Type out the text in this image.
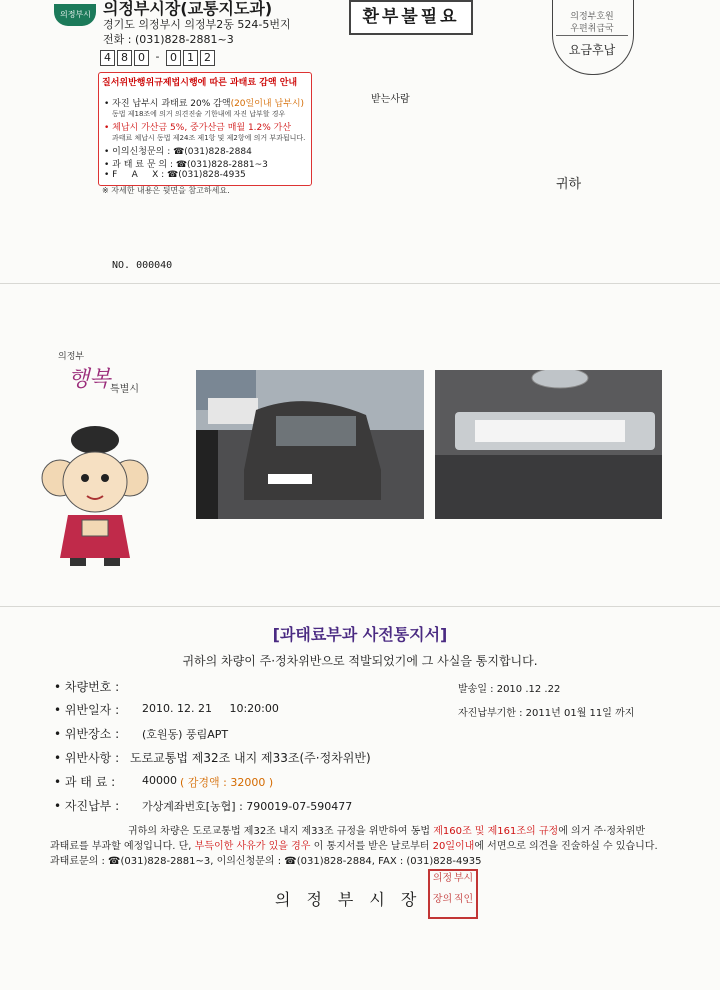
의정부시 의정부시장(교통지도과)
경기도 의정부시 의정부2동 524-5번지
전화 : (031)828-2881~3
4 8 0 - 0 1 2
환부불필요	의정부호원
우편취급국
요금후납
질서위반행위규제법시행에 따른 과태료 감액 안내
• 자진 납부시 과태료 20% 감액(20일이내 납부시)
동법 제18조에 의거 의견진술 기한내에 자진 납부할 경우
• 체납시 가산금 5%, 중가산금 매월 1.2% 가산
과태료 체납시 동법 제24조 제1항 및 제2항에 의거 부과됩니다.
• 이의신청문의 : ☎(031)828-2884
• 과 태 료 문 의 : ☎(031)828-2881~3
• F     A     X : ☎(031)828-4935
※ 자세한 내용은 뒷면을 참고하세요.
받는사람
귀하
NO. 000040
의정부
행복 특별시
[과태료부과 사전통지서]
귀하의 차량이 주·정차위반으로 적발되었기에 그 사실을 통지합니다.
• 차량번호 :	발송일 : 2010 .12 .22
• 위반일자 : 2010. 12. 21     10:20:00	자진납부기한 : 2011년 01월 11일 까지
• 위반장소 : (호원동) 풍림APT
• 위반사항 : 도로교통법 제32조 내지 제33조(주·정차위반)
• 과 태 료 : 40000 ( 감경액 : 32000 )
• 자진납부 : 가상계좌번호[농협] : 790019-07-590477
귀하의 차량은 도로교통법 제32조 내지 제33조 규정을 위반하여 동법 제160조 및 제161조의 규정에 의거 주·정차위반
과태료를 부과할 예정입니다. 단, 부득이한 사유가 있을 경우 이 통지서를 받은 날로부터 20일이내에 서면으로 의견을 진술하실 수 있습니다.
과태료문의 : ☎(031)828-2881~3, 이의신청문의 : ☎(031)828-2884, FAX : (031)828-4935
의정부시장
의정 부시
장의 직인
